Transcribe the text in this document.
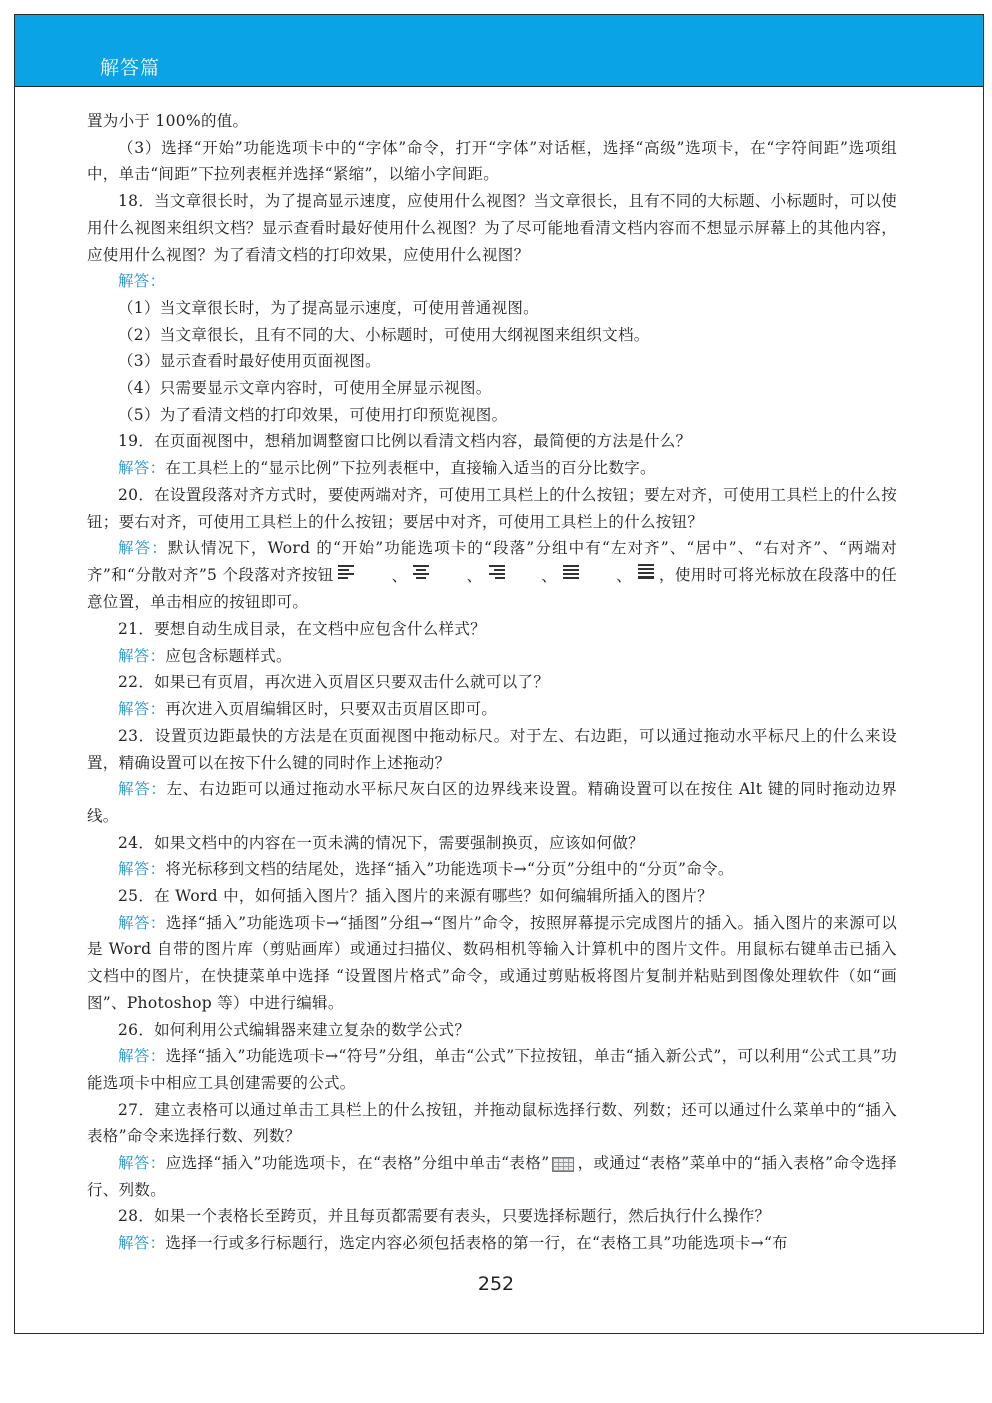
解答篇

置为小于 100%的值。

（3）选择“开始”功能选项卡中的“字体”命令，打开“字体”对话框，选择“高级”选项卡，在“字符间距”选项组中，单击“间距”下拉列表框并选择“紧缩”，以缩小字间距。

18．当文章很长时，为了提高显示速度，应使用什么视图？当文章很长，且有不同的大标题、小标题时，可以使用什么视图来组织文档？显示查看时最好使用什么视图？为了尽可能地看清文档内容而不想显示屏幕上的其他内容，应使用什么视图？为了看清文档的打印效果，应使用什么视图？

解答：

（1）当文章很长时，为了提高显示速度，可使用普通视图。

（2）当文章很长，且有不同的大、小标题时，可使用大纲视图来组织文档。

（3）显示查看时最好使用页面视图。

（4）只需要显示文章内容时，可使用全屏显示视图。

（5）为了看清文档的打印效果，可使用打印预览视图。

19．在页面视图中，想稍加调整窗口比例以看清文档内容，最简便的方法是什么？

解答：在工具栏上的“显示比例”下拉列表框中，直接输入适当的百分比数字。

20．在设置段落对齐方式时，要使两端对齐，可使用工具栏上的什么按钮；要左对齐，可使用工具栏上的什么按钮；要右对齐，可使用工具栏上的什么按钮；要居中对齐，可使用工具栏上的什么按钮？

解答：默认情况下，Word 的“开始”功能选项卡的“段落”分组中有“左对齐”、“居中”、“右对齐”、“两端对齐”和“分散对齐”5 个段落对齐按钮	、	、	、	、 ，使用时可将光标放在段落中的任意位置，单击相应的按钮即可。

21．要想自动生成目录，在文档中应包含什么样式？

解答：应包含标题样式。

22．如果已有页眉，再次进入页眉区只要双击什么就可以了？

解答：再次进入页眉编辑区时，只要双击页眉区即可。

23．设置页边距最快的方法是在页面视图中拖动标尺。对于左、右边距，可以通过拖动水平标尺上的什么来设置，精确设置可以在按下什么键的同时作上述拖动？

解答：左、右边距可以通过拖动水平标尺灰白区的边界线来设置。精确设置可以在按住 Alt 键的同时拖动边界线。

24．如果文档中的内容在一页未满的情况下，需要强制换页，应该如何做？

解答：将光标移到文档的结尾处，选择“插入”功能选项卡→“分页”分组中的“分页”命令。

25．在 Word 中，如何插入图片？插入图片的来源有哪些？如何编辑所插入的图片？

解答：选择“插入”功能选项卡→“插图”分组→“图片”命令，按照屏幕提示完成图片的插入。插入图片的来源可以是 Word 自带的图片库（剪贴画库）或通过扫描仪、数码相机等输入计算机中的图片文件。用鼠标右键单击已插入文档中的图片，在快捷菜单中选择 “设置图片格式”命令，或通过剪贴板将图片复制并粘贴到图像处理软件（如“画图”、Photoshop 等）中进行编辑。

26．如何利用公式编辑器来建立复杂的数学公式？

解答：选择“插入”功能选项卡→“符号”分组，单击“公式”下拉按钮，单击“插入新公式”，可以利用“公式工具”功能选项卡中相应工具创建需要的公式。

27．建立表格可以通过单击工具栏上的什么按钮，并拖动鼠标选择行数、列数；还可以通过什么菜单中的“插入表格”命令来选择行数、列数？

解答：应选择“插入”功能选项卡，在“表格”分组中单击“表格” ，或通过“表格”菜单中的“插入表格”命令选择行、列数。

28．如果一个表格长至跨页，并且每页都需要有表头，只要选择标题行，然后执行什么操作？

解答：选择一行或多行标题行，选定内容必须包括表格的第一行，在“表格工具”功能选项卡→“布

252
